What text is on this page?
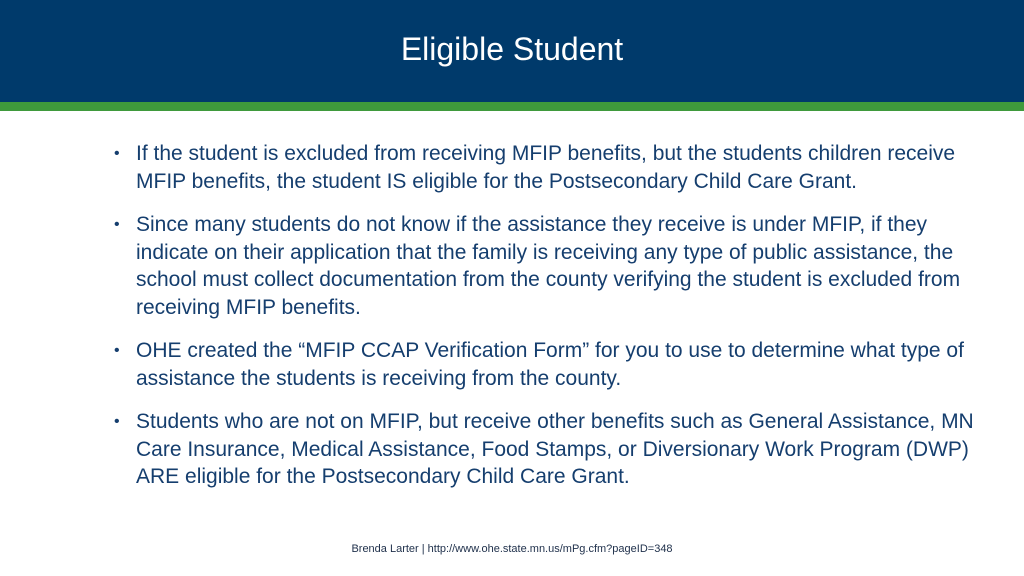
Eligible Student
• If the student is excluded from receiving MFIP benefits, but the students children receive MFIP benefits, the student IS eligible for the Postsecondary Child Care Grant.
• Since many students do not know if the assistance they receive is under MFIP, if they indicate on their application that the family is receiving any type of public assistance, the school must collect documentation from the county verifying the student is excluded from receiving MFIP benefits.
• OHE created the “MFIP CCAP Verification Form” for you to use to determine what type of assistance the students is receiving from the county.
• Students who are not on MFIP, but receive other benefits such as General Assistance, MN Care Insurance, Medical Assistance, Food Stamps, or Diversionary Work Program (DWP) ARE eligible for the Postsecondary Child Care Grant.
Brenda Larter | http://www.ohe.state.mn.us/mPg.cfm?pageID=348
